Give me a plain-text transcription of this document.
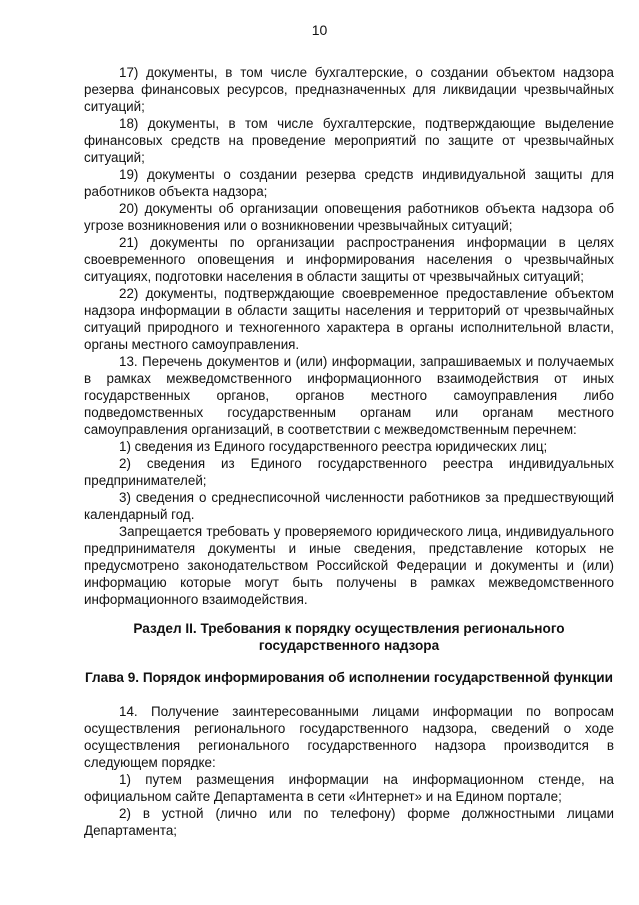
10

17) документы, в том числе бухгалтерские, о создании объектом надзора резерва финансовых ресурсов, предназначенных для ликвидации чрезвычайных ситуаций;

18) документы, в том числе бухгалтерские, подтверждающие выделение финансовых средств на проведение мероприятий по защите от чрезвычайных ситуаций;

19) документы о создании резерва средств индивидуальной защиты для работников объекта надзора;

20) документы об организации оповещения работников объекта надзора об угрозе возникновения или о возникновении чрезвычайных ситуаций;

21) документы по организации распространения информации в целях своевременного оповещения и информирования населения о чрезвычайных ситуациях, подготовки населения в области защиты от чрезвычайных ситуаций;

22) документы, подтверждающие своевременное предоставление объектом надзора информации в области защиты населения и территорий от чрезвычайных ситуаций природного и техногенного характера в органы исполнительной власти, органы местного самоуправления.

13. Перечень документов и (или) информации, запрашиваемых и получаемых в рамках межведомственного информационного взаимодействия от иных государственных органов, органов местного самоуправления либо подведомственных государственным органам или органам местного самоуправления организаций, в соответствии с межведомственным перечнем:

1) сведения из Единого государственного реестра юридических лиц;

2) сведения из Единого государственного реестра индивидуальных предпринимателей;

3) сведения о среднесписочной численности работников за предшествующий календарный год.

Запрещается требовать у проверяемого юридического лица, индивидуального предпринимателя документы и иные сведения, представление которых не предусмотрено законодательством Российской Федерации и документы и (или) информацию которые могут быть получены в рамках межведомственного информационного взаимодействия.

Раздел II. Требования к порядку осуществления регионального государственного надзора
Глава 9. Порядок информирования об исполнении государственной функции

14. Получение заинтересованными лицами информации по вопросам осуществления регионального государственного надзора, сведений о ходе осуществления регионального государственного надзора производится в следующем порядке:

1) путем размещения информации на информационном стенде, на официальном сайте Департамента в сети «Интернет» и на Едином портале;

2) в устной (лично или по телефону) форме должностными лицами Департамента;
